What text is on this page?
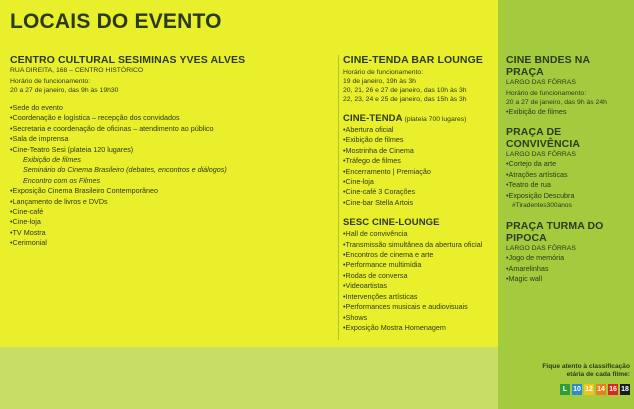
LOCAIS DO EVENTO
CENTRO CULTURAL SESIMINAS YVES ALVES
RUA DIREITA, 168 – CENTRO HISTÓRICO
Horário de funcionamento:
20 a 27 de janeiro, das 9h às 19h30
• Sede do evento
• Coordenação e logística – recepção dos convidados
• Secretaria e coordenação de oficinas – atendimento ao público
• Sala de imprensa
• Cine-Teatro Sesi (plateia 120 lugares)
Exibição de filmes
Seminário do Cinema Brasileiro (debates, encontros e diálogos)
Encontro com os Filmes
• Exposição Cinema Brasileiro Contemporâneo
• Lançamento de livros e DVDs
• Cine-café
• Cine-loja
• TV Mostra
• Cerimonial
CINE-TENDA BAR LOUNGE
Horário de funcionamento:
19 de janeiro, 19h às 3h
20, 21, 26 e 27 de janeiro, das 10h às 3h
22, 23, 24 e 25 de janeiro, das 15h às 3h
CINE-TENDA (plateia 700 lugares)
• Abertura oficial
• Exibição de filmes
• Mostrinha de Cinema
• Tráfego de filmes
• Encerramento | Premiação
• Cine-loja
• Cine-café 3 Corações
• Cine-bar Stella Artois
SESC CINE-LOUNGE
• Hall de convivência
• Transmissão simultânea da abertura oficial
• Encontros de cinema e arte
• Performance multimídia
• Rodas de conversa
• Videoartistas
• Intervenções artísticas
• Performances musicais e audiovisuais
• Shows
• Exposição Mostra Homenagem
CINE BNDES NA PRAÇA
LARGO DAS FÔRRAS
Horário de funcionamento:
20 a 27 de janeiro, das 9h às 24h
• Exibição de filmes
PRAÇA DE CONVIVÊNCIA
LARGO DAS FÔRRAS
• Cortejo da arte
• Atrações artísticas
• Teatro de rua
• Exposição Descubra
#Tiradentes300anos
PRAÇA TURMA DO PIPOCA
LARGO DAS FÔRRAS
• Jogo de memória
• Amarelinhas
• Magic wall
Fique atento à classificação
etária de cada filme:
L 10 12 14 16 18
